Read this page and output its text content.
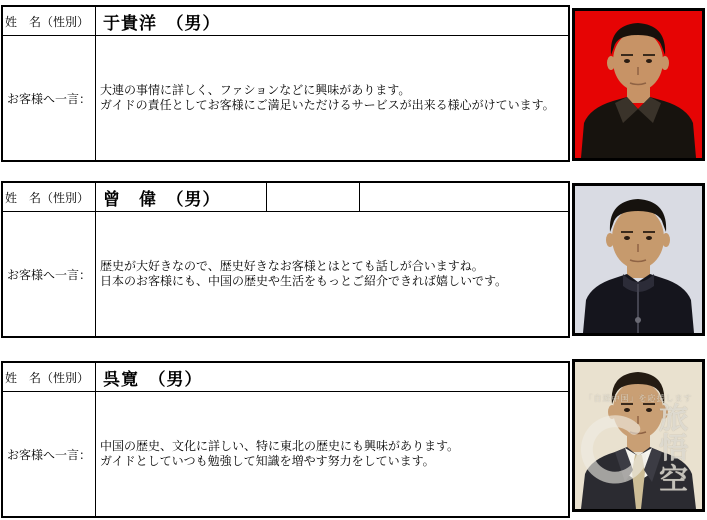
姓　名（性別） 于貴洋　（男）
お客様へ一言：
大連の事情に詳しく、ファションなどに興味があります。
ガイドの責任としてお客様にご満足いただけるサービスが出来る様心がけています。
姓　名（性別） 曾　偉　（男）
お客様へ一言：
歴史が大好きなので、歴史好きなお客様とはとても話しが合いますね。
日本のお客様にも、中国の歴史や生活をもっとご紹介できれば嬉しいです。
姓　名（性別） 呉寛　（男）
お客様へ一言：
中国の歴史、文化に詳しい、特に東北の歴史にも興味があります。
ガイドとしていつも勉強して知識を増やす努力をしています。
「自遊中国」を応援します
旅悟空
